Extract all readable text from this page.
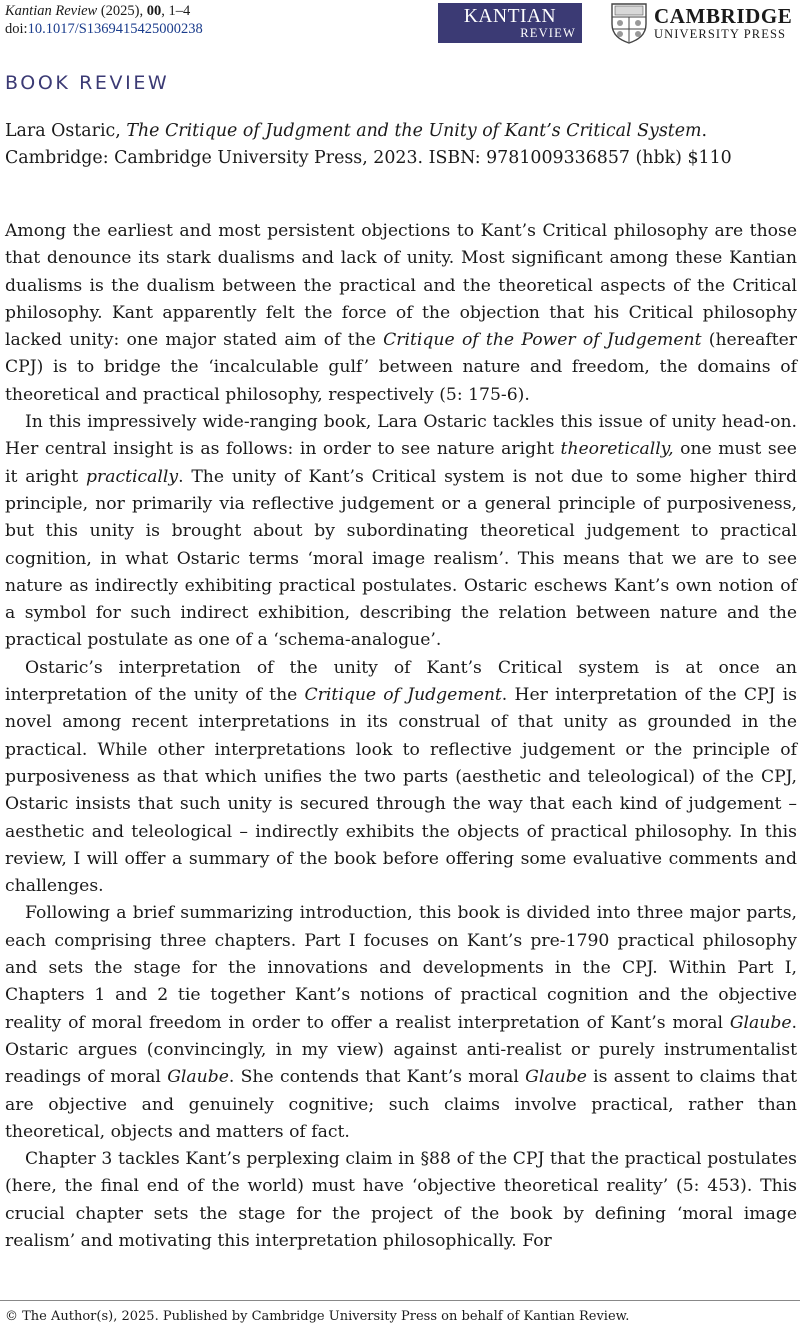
Kantian Review (2025), 00, 1–4
doi:10.1017/S1369415425000238
KANTIAN
REVIEW
CAMBRIDGE
UNIVERSITY PRESS
BOOK REVIEW
Lara Ostaric, The Critique of Judgment and the Unity of Kant’s Critical System. Cambridge: Cambridge University Press, 2023. ISBN: 9781009336857 (hbk) $110

Among the earliest and most persistent objections to Kant’s Critical philosophy are those that denounce its stark dualisms and lack of unity. Most significant among these Kantian dualisms is the dualism between the practical and the theoretical aspects of the Critical philosophy. Kant apparently felt the force of the objection that his Critical philosophy lacked unity: one major stated aim of the Critique of the Power of Judgement (hereafter CPJ) is to bridge the ‘incalculable gulf’ between nature and freedom, the domains of theoretical and practical philosophy, respectively (5: 175-6).

In this impressively wide-ranging book, Lara Ostaric tackles this issue of unity head-on. Her central insight is as follows: in order to see nature aright theoretically, one must see it aright practically. The unity of Kant’s Critical system is not due to some higher third principle, nor primarily via reflective judgement or a general principle of purposiveness, but this unity is brought about by subordinating theoretical judgement to practical cognition, in what Ostaric terms ‘moral image realism’. This means that we are to see nature as indirectly exhibiting practical postulates. Ostaric eschews Kant’s own notion of a symbol for such indirect exhibition, describing the relation between nature and the practical postulate as one of a ‘schema-analogue’.

Ostaric’s interpretation of the unity of Kant’s Critical system is at once an interpretation of the unity of the Critique of Judgement. Her interpretation of the CPJ is novel among recent interpretations in its construal of that unity as grounded in the practical. While other interpretations look to reflective judgement or the principle of purposiveness as that which unifies the two parts (aesthetic and teleological) of the CPJ, Ostaric insists that such unity is secured through the way that each kind of judgement – aesthetic and teleological – indirectly exhibits the objects of practical philosophy. In this review, I will offer a summary of the book before offering some evaluative comments and challenges.

Following a brief summarizing introduction, this book is divided into three major parts, each comprising three chapters. Part I focuses on Kant’s pre-1790 practical philosophy and sets the stage for the innovations and developments in the CPJ. Within Part I, Chapters 1 and 2 tie together Kant’s notions of practical cognition and the objective reality of moral freedom in order to offer a realist interpretation of Kant’s moral Glaube. Ostaric argues (convincingly, in my view) against anti-realist or purely instrumentalist readings of moral Glaube. She contends that Kant’s moral Glaube is assent to claims that are objective and genuinely cognitive; such claims involve practical, rather than theoretical, objects and matters of fact.

Chapter 3 tackles Kant’s perplexing claim in §88 of the CPJ that the practical postulates (here, the final end of the world) must have ‘objective theoretical reality’ (5: 453). This crucial chapter sets the stage for the project of the book by defining ‘moral image realism’ and motivating this interpretation philosophically. For

© The Author(s), 2025. Published by Cambridge University Press on behalf of Kantian Review.
